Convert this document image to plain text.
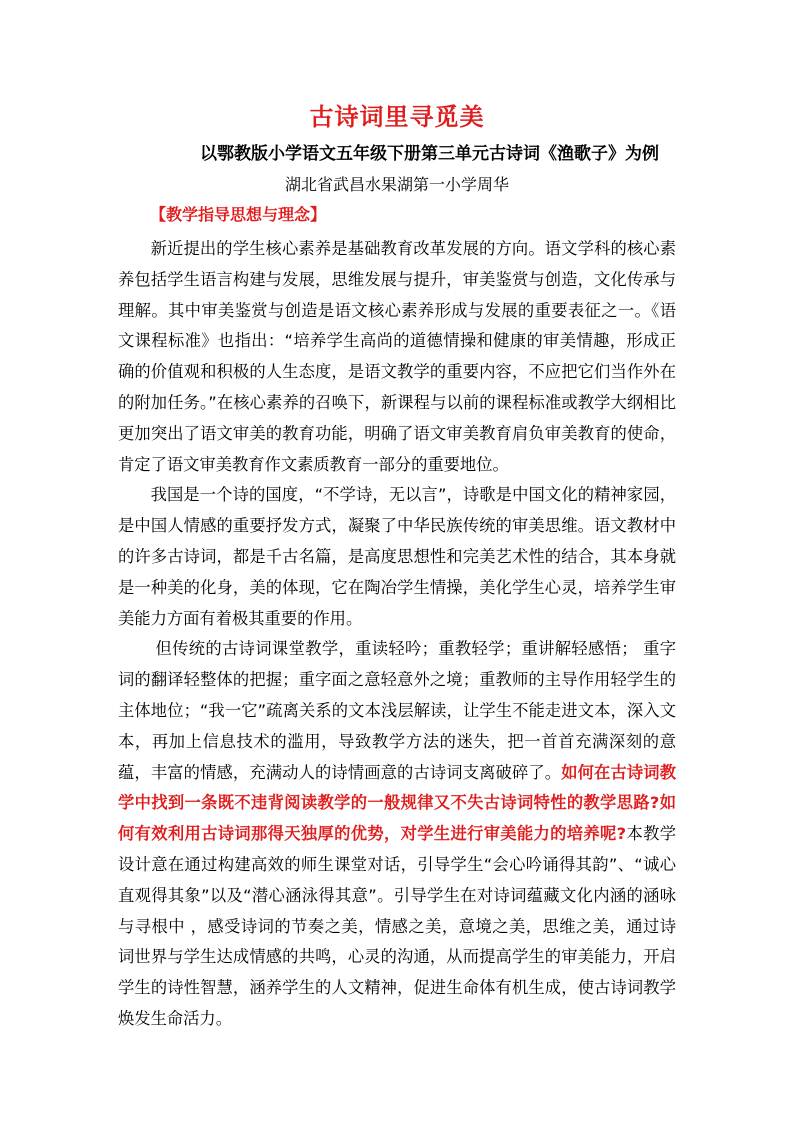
古诗词里寻觅美
以鄂教版小学语文五年级下册第三单元古诗词《渔歌子》为例
湖北省武昌水果湖第一小学周华
【教学指导思想与理念】

新近提出的学生核心素养是基础教育改革发展的方向。语文学科的核心素养包括学生语言构建与发展，思维发展与提升，审美鉴赏与创造，文化传承与理解。其中审美鉴赏与创造是语文核心素养形成与发展的重要表征之一。《语文课程标准》也指出：“培养学生高尚的道德情操和健康的审美情趣，形成正确的价值观和积极的人生态度，是语文教学的重要内容，不应把它们当作外在的附加任务。”在核心素养的召唤下，新课程与以前的课程标准或教学大纲相比更加突出了语文审美的教育功能，明确了语文审美教育肩负审美教育的使命，肯定了语文审美教育作文素质教育一部分的重要地位。

我国是一个诗的国度，“不学诗，无以言”，诗歌是中国文化的精神家园，是中国人情感的重要抒发方式，凝聚了中华民族传统的审美思维。语文教材中的许多古诗词，都是千古名篇，是高度思想性和完美艺术性的结合，其本身就是一种美的化身，美的体现，它在陶冶学生情操，美化学生心灵，培养学生审美能力方面有着极其重要的作用。

但传统的古诗词课堂教学，重读轻吟；重教轻学；重讲解轻感悟； 重字词的翻译轻整体的把握；重字面之意轻意外之境；重教师的主导作用轻学生的主体地位；“我一它”疏离关系的文本浅层解读，让学生不能走进文本，深入文本，再加上信息技术的滥用，导致教学方法的迷失，把一首首充满深刻的意蕴，丰富的情感，充满动人的诗情画意的古诗词支离破碎了。如何在古诗词教学中找到一条既不违背阅读教学的一般规律又不失古诗词特性的教学思路?如何有效利用古诗词那得天独厚的优势，对学生进行审美能力的培养呢?本教学设计意在通过构建高效的师生课堂对话，引导学生“会心吟诵得其韵”、“诚心直观得其象”以及“潜心涵泳得其意”。引导学生在对诗词蕴藏文化内涵的涵咏与寻根中 ，感受诗词的节奏之美，情感之美，意境之美，思维之美，通过诗词世界与学生达成情感的共鸣，心灵的沟通，从而提高学生的审美能力，开启学生的诗性智慧，涵养学生的人文精神，促进生命体有机生成，使古诗词教学焕发生命活力。
